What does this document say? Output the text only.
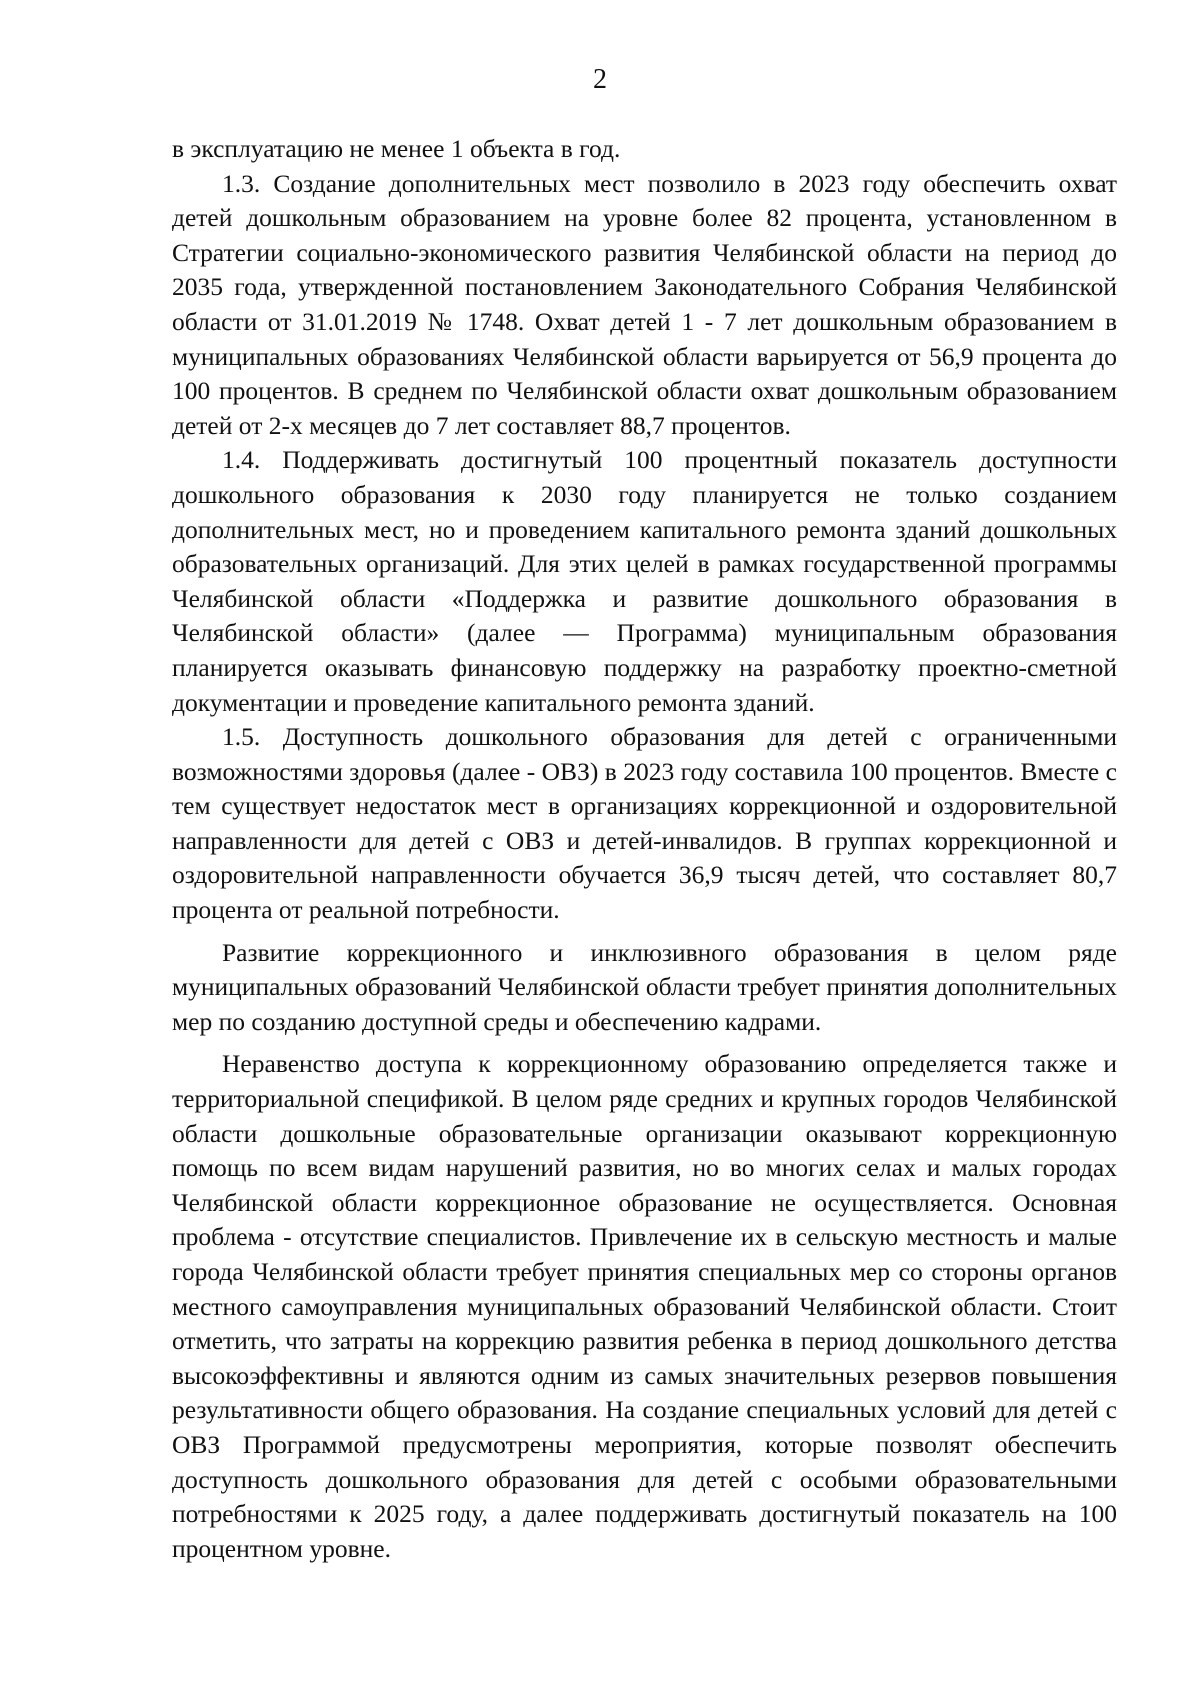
2

в эксплуатацию не менее 1 объекта в год.

1.3. Создание дополнительных мест позволило в 2023 году обеспечить охват детей дошкольным образованием на уровне более 82 процента, установленном в Стратегии социально-экономического развития Челябинской области на период до 2035 года, утвержденной постановлением Законодательного Собрания Челябинской области от 31.01.2019 № 1748. Охват детей 1 - 7 лет дошкольным образованием в муниципальных образованиях Челябинской области варьируется от 56,9 процента до 100 процентов. В среднем по Челябинской области охват дошкольным образованием детей от 2-х месяцев до 7 лет составляет 88,7 процентов.

1.4. Поддерживать достигнутый 100 процентный показатель доступности дошкольного образования к 2030 году планируется не только созданием дополнительных мест, но и проведением капитального ремонта зданий дошкольных образовательных организаций. Для этих целей в рамках государственной программы Челябинской области «Поддержка и развитие дошкольного образования в Челябинской области» (далее — Программа) муниципальным образования планируется оказывать финансовую поддержку на разработку проектно-сметной документации и проведение капитального ремонта зданий.

1.5. Доступность дошкольного образования для детей с ограниченными возможностями здоровья (далее - ОВЗ) в 2023 году составила 100 процентов. Вместе с тем существует недостаток мест в организациях коррекционной и оздоровительной направленности для детей с ОВЗ и детей-инвалидов. В группах коррекционной и оздоровительной направленности обучается 36,9 тысяч детей, что составляет 80,7 процента от реальной потребности.

Развитие коррекционного и инклюзивного образования в целом ряде муниципальных образований Челябинской области требует принятия дополнительных мер по созданию доступной среды и обеспечению кадрами.

Неравенство доступа к коррекционному образованию определяется также и территориальной спецификой. В целом ряде средних и крупных городов Челябинской области дошкольные образовательные организации оказывают коррекционную помощь по всем видам нарушений развития, но во многих селах и малых городах Челябинской области коррекционное образование не осуществляется. Основная проблема - отсутствие специалистов. Привлечение их в сельскую местность и малые города Челябинской области требует принятия специальных мер со стороны органов местного самоуправления муниципальных образований Челябинской области. Стоит отметить, что затраты на коррекцию развития ребенка в период дошкольного детства высокоэффективны и являются одним из самых значительных резервов повышения результативности общего образования. На создание специальных условий для детей с ОВЗ Программой предусмотрены мероприятия, которые позволят обеспечить доступность дошкольного образования для детей с особыми образовательными потребностями к 2025 году, а далее поддерживать достигнутый показатель на 100 процентном уровне.
